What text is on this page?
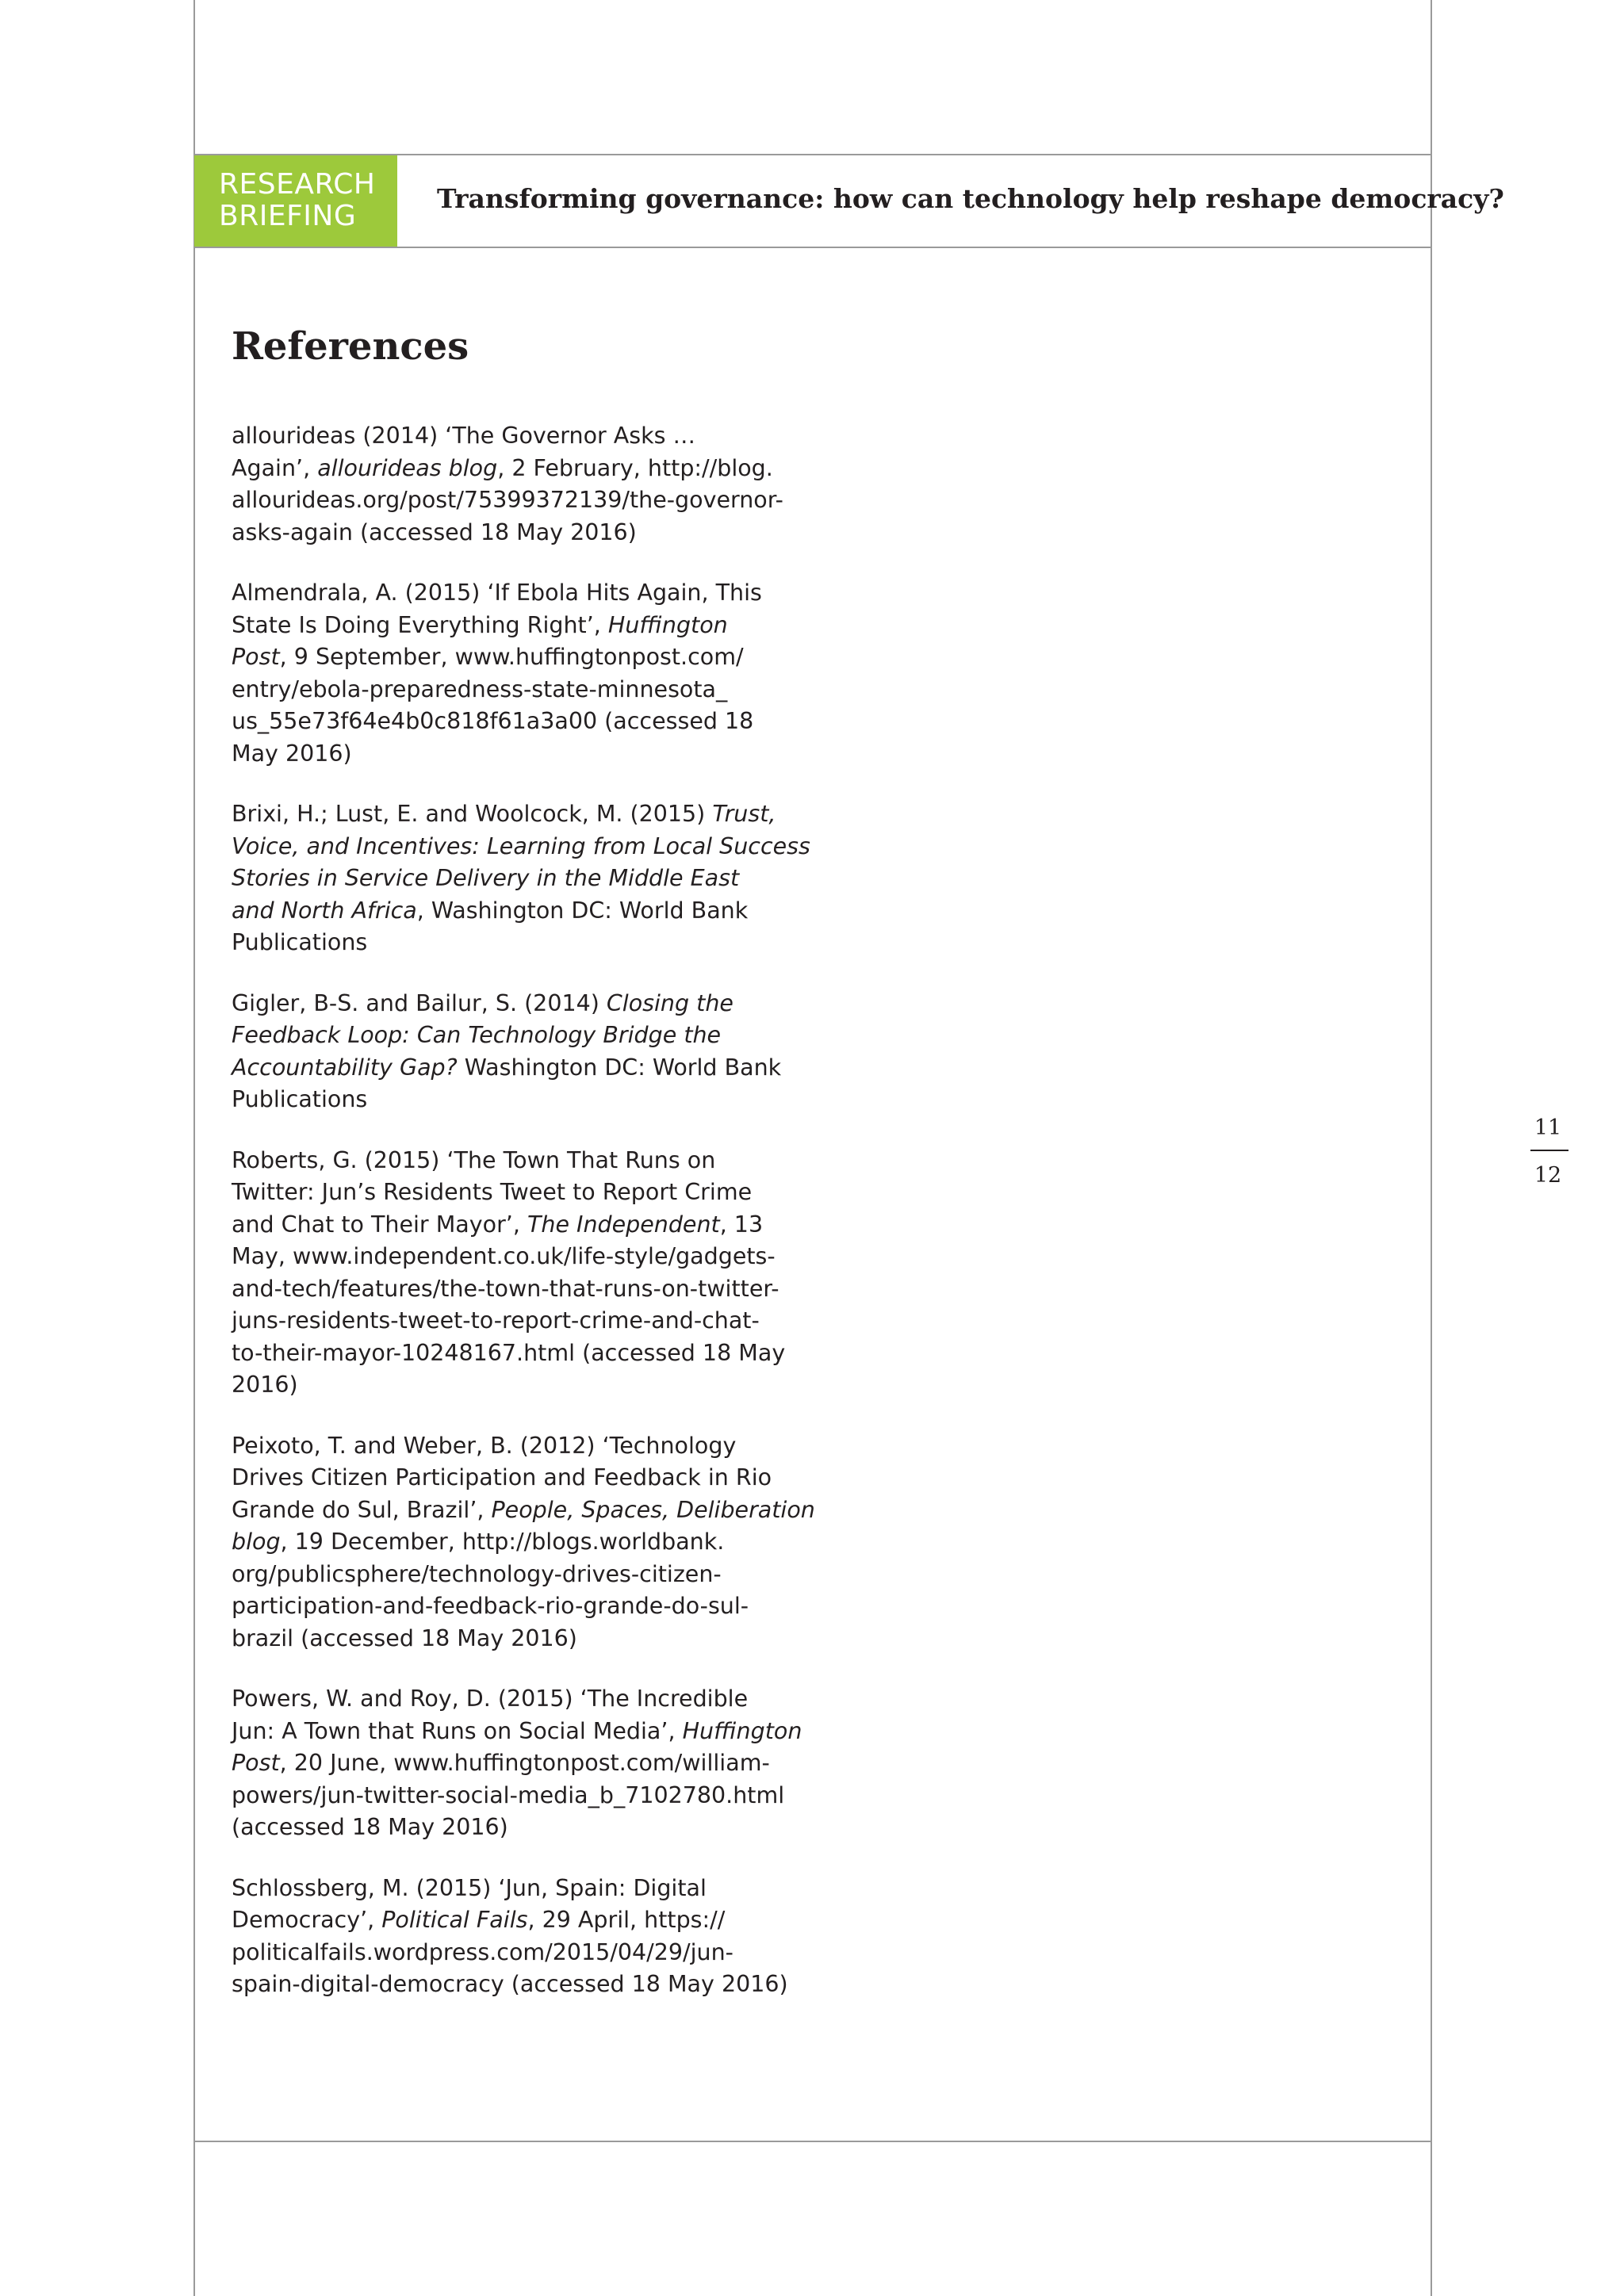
RESEARCH
BRIEFING
Transforming governance: how can technology help reshape democracy?
References

allourideas (2014) ‘The Governor Asks …
Again’, allourideas blog, 2 February, http://blog.
allourideas.org/post/75399372139/the-governor-
asks-again (accessed 18 May 2016)

Almendrala, A. (2015) ‘If Ebola Hits Again, This
State Is Doing Everything Right’, Huffington
Post, 9 September, www.huffingtonpost.com/
entry/ebola-preparedness-state-minnesota_
us_55e73f64e4b0c818f61a3a00 (accessed 18
May 2016)

Brixi, H.; Lust, E. and Woolcock, M. (2015) Trust,
Voice, and Incentives: Learning from Local Success
Stories in Service Delivery in the Middle East
and North Africa, Washington DC: World Bank
Publications

Gigler, B-S. and Bailur, S. (2014) Closing the
Feedback Loop: Can Technology Bridge the
Accountability Gap? Washington DC: World Bank
Publications

Roberts, G. (2015) ‘The Town That Runs on
Twitter: Jun’s Residents Tweet to Report Crime
and Chat to Their Mayor’, The Independent, 13
May, www.independent.co.uk/life-style/gadgets-
and-tech/features/the-town-that-runs-on-twitter-
juns-residents-tweet-to-report-crime-and-chat-
to-their-mayor-10248167.html (accessed 18 May
2016)

Peixoto, T. and Weber, B. (2012) ‘Technology
Drives Citizen Participation and Feedback in Rio
Grande do Sul, Brazil’, People, Spaces, Deliberation
blog, 19 December, http://blogs.worldbank.
org/publicsphere/technology-drives-citizen-
participation-and-feedback-rio-grande-do-sul-
brazil (accessed 18 May 2016)

Powers, W. and Roy, D. (2015) ‘The Incredible
Jun: A Town that Runs on Social Media’, Huffington
Post, 20 June, www.huffingtonpost.com/william-
powers/jun-twitter-social-media_b_7102780.html
(accessed 18 May 2016)

Schlossberg, M. (2015) ‘Jun, Spain: Digital
Democracy’, Political Fails, 29 April, https://
politicalfails.wordpress.com/2015/04/29/jun-
spain-digital-democracy (accessed 18 May 2016)

11
12
